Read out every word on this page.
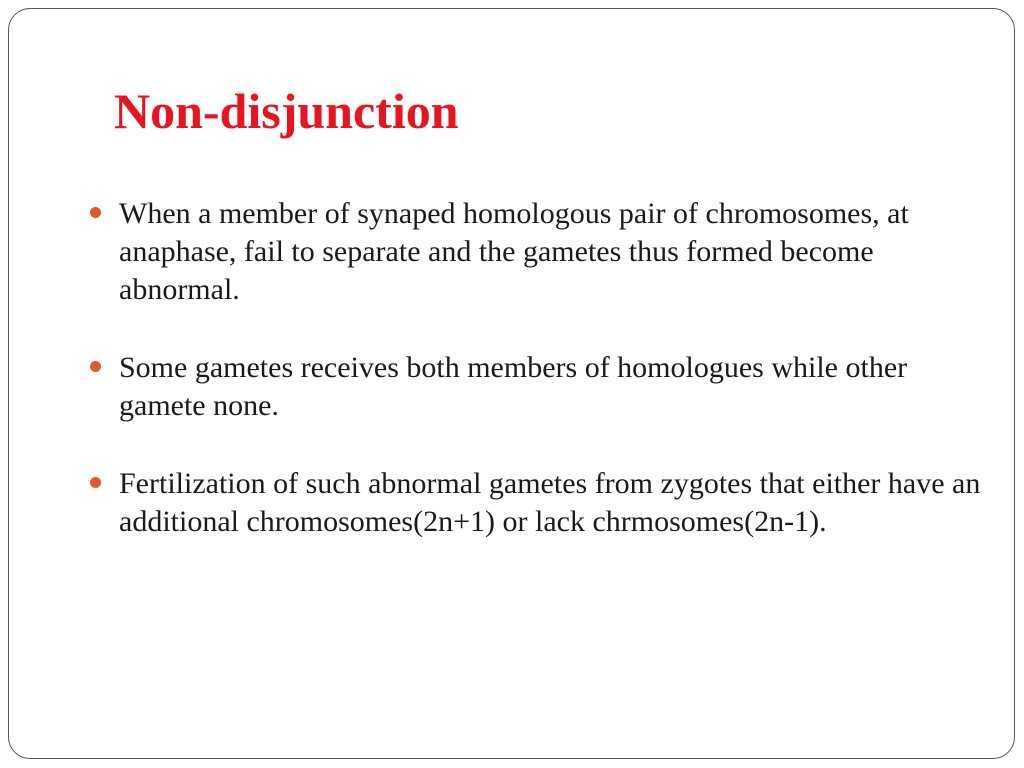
Non-disjunction
When a member of synaped homologous pair of chromosomes, at anaphase, fail to separate and the gametes thus formed become abnormal.
Some gametes receives both members of homologues while other gamete none.
Fertilization of such abnormal gametes from zygotes that either have an additional chromosomes(2n+1) or lack chrmosomes(2n-1).
